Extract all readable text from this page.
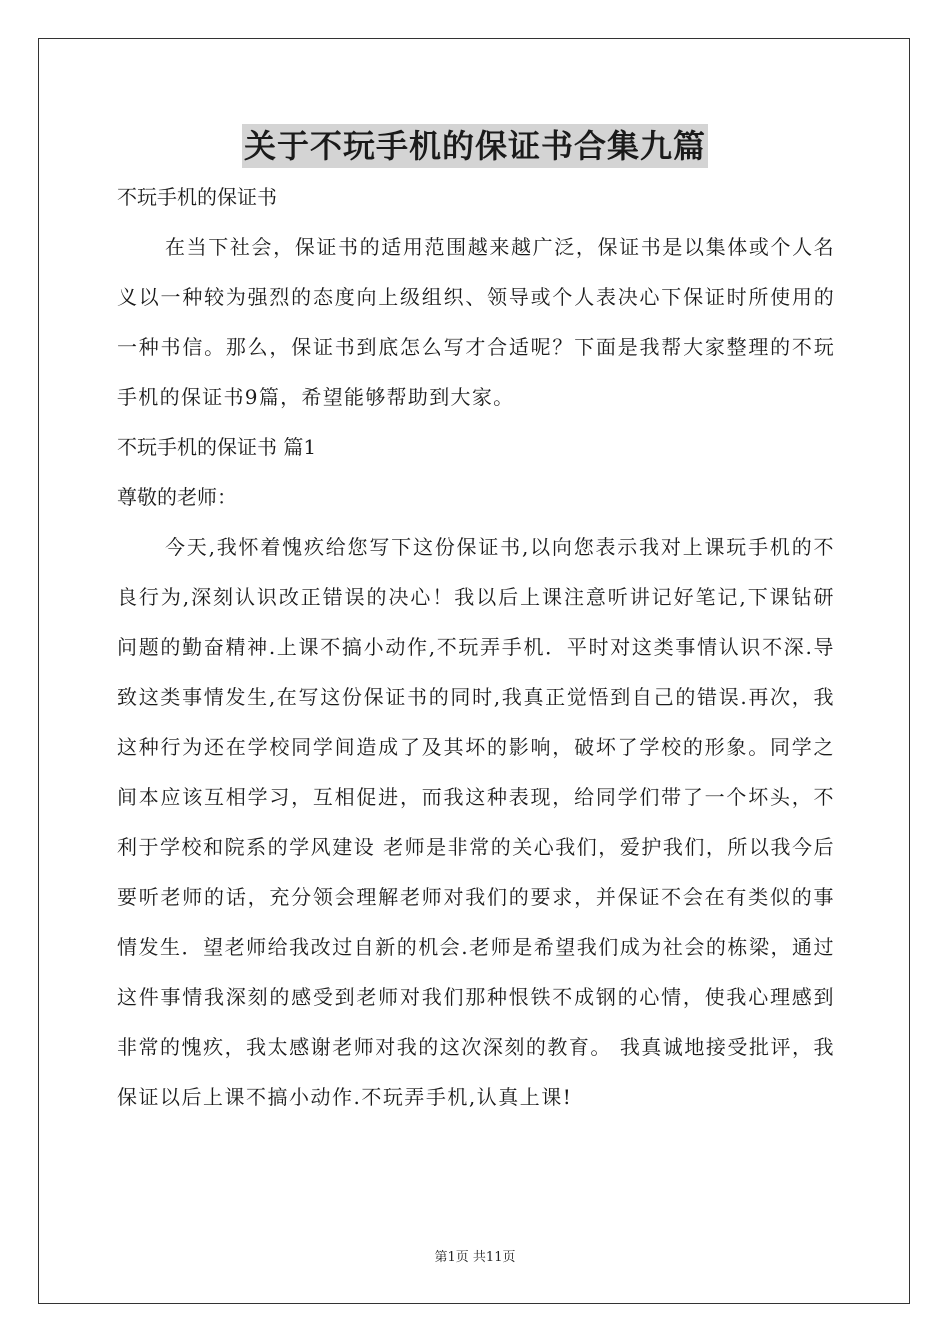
关于不玩手机的保证书合集九篇
不玩手机的保证书
在当下社会，保证书的适用范围越来越广泛，保证书是以集体或个人名义以一种较为强烈的态度向上级组织、领导或个人表决心下保证时所使用的一种书信。那么，保证书到底怎么写才合适呢？下面是我帮大家整理的不玩手机的保证书9篇，希望能够帮助到大家。
不玩手机的保证书 篇1
尊敬的老师：
今天,我怀着愧疚给您写下这份保证书,以向您表示我对上课玩手机的不良行为,深刻认识改正错误的决心！我以后上课注意听讲记好笔记,下课钻研问题的勤奋精神.上课不搞小动作,不玩弄手机．平时对这类事情认识不深.导致这类事情发生,在写这份保证书的同时,我真正觉悟到自己的错误.再次，我这种行为还在学校同学间造成了及其坏的影响，破坏了学校的形象。同学之间本应该互相学习，互相促进，而我这种表现，给同学们带了一个坏头，不利于学校和院系的学风建设 老师是非常的关心我们，爱护我们，所以我今后要听老师的话，充分领会理解老师对我们的要求，并保证不会在有类似的事情发生．望老师给我改过自新的机会.老师是希望我们成为社会的栋梁，通过这件事情我深刻的感受到老师对我们那种恨铁不成钢的心情，使我心理感到非常的愧疚，我太感谢老师对我的这次深刻的教育。 我真诚地接受批评，我保证以后上课不搞小动作.不玩弄手机,认真上课!
第1页 共11页
